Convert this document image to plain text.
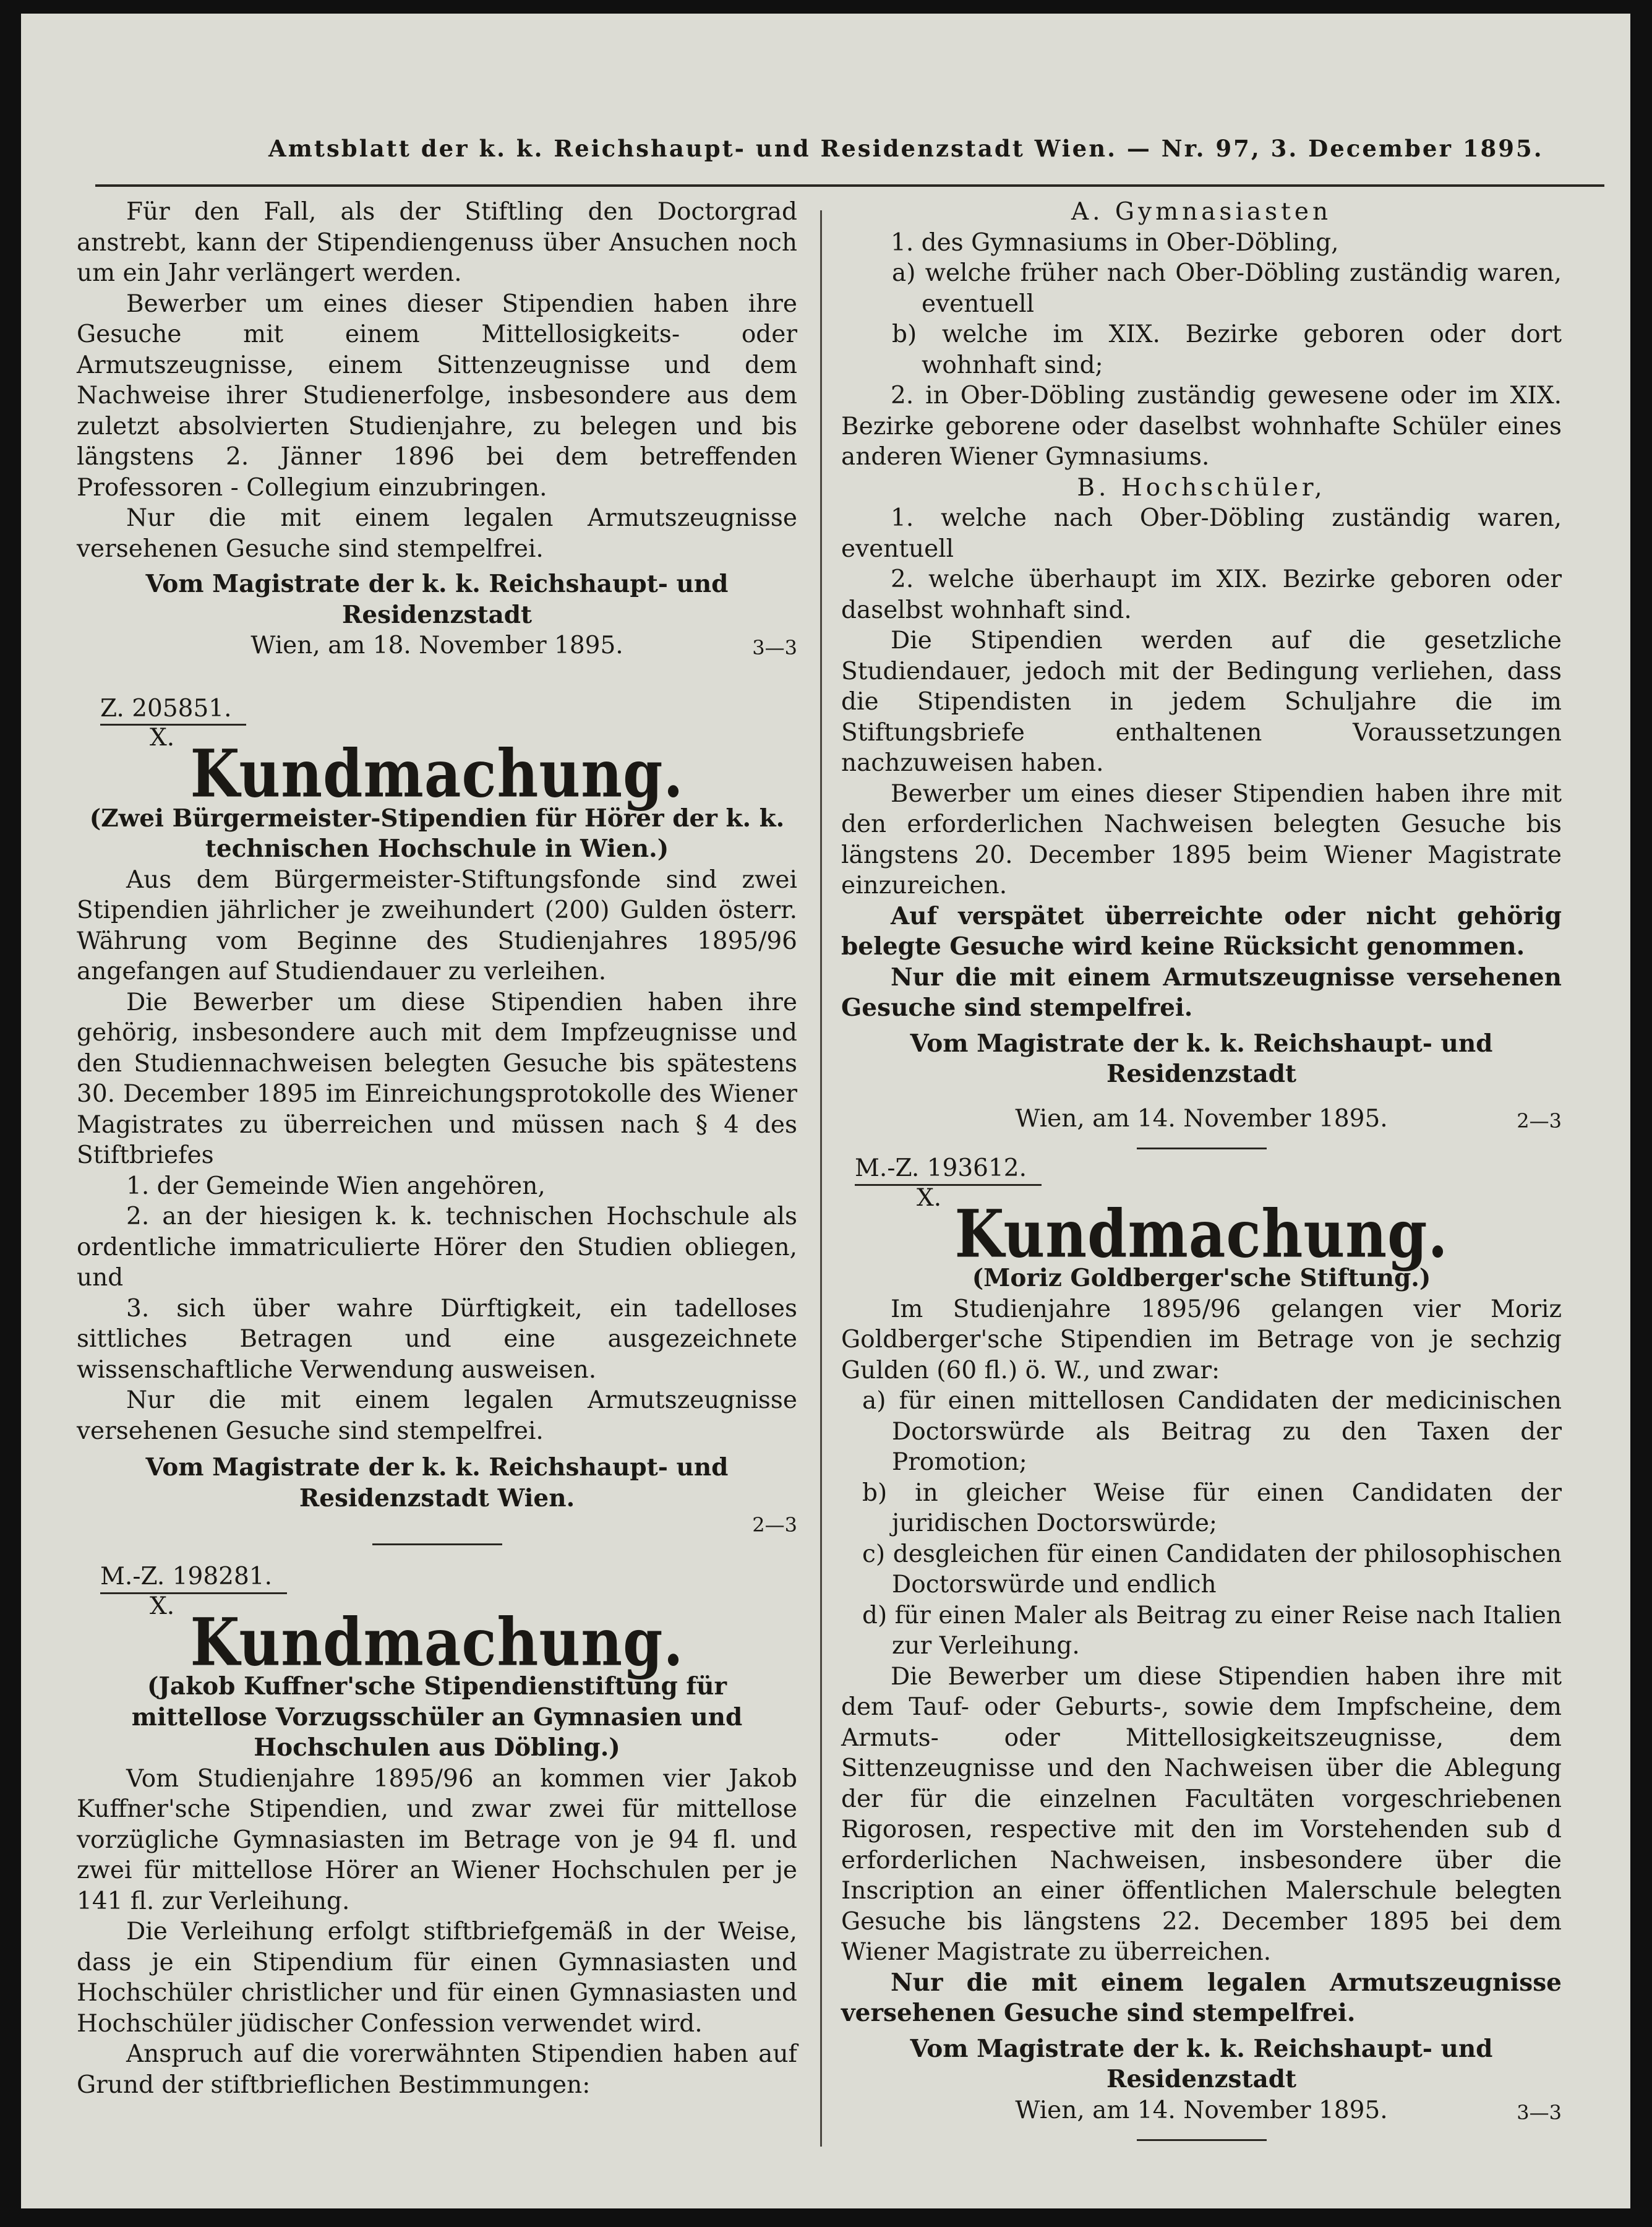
Amtsblatt der k. k. Reichshaupt- und Residenzstadt Wien. — Nr. 97, 3. December 1895.

Für den Fall, als der Stiftling den Doctorgrad anstrebt, kann der Stipendiengenuss über Ansuchen noch um ein Jahr verlängert werden.

Bewerber um eines dieser Stipendien haben ihre Gesuche mit einem Mittellosigkeits- oder Armutszeugnisse, einem Sittenzeugnisse und dem Nachweise ihrer Studienerfolge, insbesondere aus dem zuletzt absolvierten Studienjahre, zu belegen und bis längstens 2. Jänner 1896 bei dem betreffenden Professoren - Collegium einzubringen.

Nur die mit einem legalen Armutszeugnisse versehenen Gesuche sind stempelfrei.

Vom Magistrate der k. k. Reichshaupt- und Residenzstadt

Wien, am 18. November 1895.	3—3

Z. 205851.

X. Kundmachung.

(Zwei Bürgermeister-Stipendien für Hörer der k. k. technischen Hochschule in Wien.)

Aus dem Bürgermeister-Stiftungsfonde sind zwei Stipendien jährlicher je zweihundert (200) Gulden österr. Währung vom Beginne des Studienjahres 1895/96 angefangen auf Studiendauer zu verleihen.

Die Bewerber um diese Stipendien haben ihre gehörig, insbesondere auch mit dem Impfzeugnisse und den Studiennachweisen belegten Gesuche bis spätestens 30. December 1895 im Einreichungsprotokolle des Wiener Magistrates zu überreichen und müssen nach § 4 des Stiftbriefes

1. der Gemeinde Wien angehören,

2. an der hiesigen k. k. technischen Hochschule als ordentliche immatriculierte Hörer den Studien obliegen, und

3. sich über wahre Dürftigkeit, ein tadelloses sittliches Betragen und eine ausgezeichnete wissenschaftliche Verwendung ausweisen.

Nur die mit einem legalen Armutszeugnisse versehenen Gesuche sind stempelfrei.

Vom Magistrate der k. k. Reichshaupt- und Residenzstadt Wien.

2—3

M.-Z. 198281.

X. Kundmachung.

(Jakob Kuffner'sche Stipendienstiftung für mittellose Vorzugsschüler an Gymnasien und Hochschulen aus Döbling.)

Vom Studienjahre 1895/96 an kommen vier Jakob Kuffner'sche Stipendien, und zwar zwei für mittellose vorzügliche Gymnasiasten im Betrage von je 94 fl. und zwei für mittellose Hörer an Wiener Hochschulen per je 141 fl. zur Verleihung.

Die Verleihung erfolgt stiftbriefgemäß in der Weise, dass je ein Stipendium für einen Gymnasiasten und Hochschüler christlicher und für einen Gymnasiasten und Hochschüler jüdischer Confession verwendet wird.

Anspruch auf die vorerwähnten Stipendien haben auf Grund der stiftbrieflichen Bestimmungen:

A. Gymnasiasten

1. des Gymnasiums in Ober-Döbling,

a) welche früher nach Ober-Döbling zuständig waren, eventuell

b) welche im XIX. Bezirke geboren oder dort wohnhaft sind;

2. in Ober-Döbling zuständig gewesene oder im XIX. Bezirke geborene oder daselbst wohnhafte Schüler eines anderen Wiener Gymnasiums.

B. Hochschüler,

1. welche nach Ober-Döbling zuständig waren, eventuell

2. welche überhaupt im XIX. Bezirke geboren oder daselbst wohnhaft sind.

Die Stipendien werden auf die gesetzliche Studiendauer, jedoch mit der Bedingung verliehen, dass die Stipendisten in jedem Schuljahre die im Stiftungsbriefe enthaltenen Voraussetzungen nachzuweisen haben.

Bewerber um eines dieser Stipendien haben ihre mit den erforderlichen Nachweisen belegten Gesuche bis längstens 20. December 1895 beim Wiener Magistrate einzureichen.

Auf verspätet überreichte oder nicht gehörig belegte Gesuche wird keine Rücksicht genommen.

Nur die mit einem Armutszeugnisse versehenen Gesuche sind stempelfrei.

Vom Magistrate der k. k. Reichshaupt- und Residenzstadt

Wien, am 14. November 1895.	2—3

M.-Z. 193612.

X. Kundmachung.

(Moriz Goldberger'sche Stiftung.)

Im Studienjahre 1895/96 gelangen vier Moriz Goldberger'sche Stipendien im Betrage von je sechzig Gulden (60 fl.) ö. W., und zwar:

a) für einen mittellosen Candidaten der medicinischen Doctorswürde als Beitrag zu den Taxen der Promotion;

b) in gleicher Weise für einen Candidaten der juridischen Doctorswürde;

c) desgleichen für einen Candidaten der philosophischen Doctorswürde und endlich

d) für einen Maler als Beitrag zu einer Reise nach Italien zur Verleihung.

Die Bewerber um diese Stipendien haben ihre mit dem Tauf- oder Geburts-, sowie dem Impfscheine, dem Armuts- oder Mittellosigkeitszeugnisse, dem Sittenzeugnisse und den Nachweisen über die Ablegung der für die einzelnen Facultäten vorgeschriebenen Rigorosen, respective mit den im Vorstehenden sub d erforderlichen Nachweisen, insbesondere über die Inscription an einer öffentlichen Malerschule belegten Gesuche bis längstens 22. December 1895 bei dem Wiener Magistrate zu überreichen.

Nur die mit einem legalen Armutszeugnisse versehenen Gesuche sind stempelfrei.

Vom Magistrate der k. k. Reichshaupt- und Residenzstadt

Wien, am 14. November 1895.	3—3
